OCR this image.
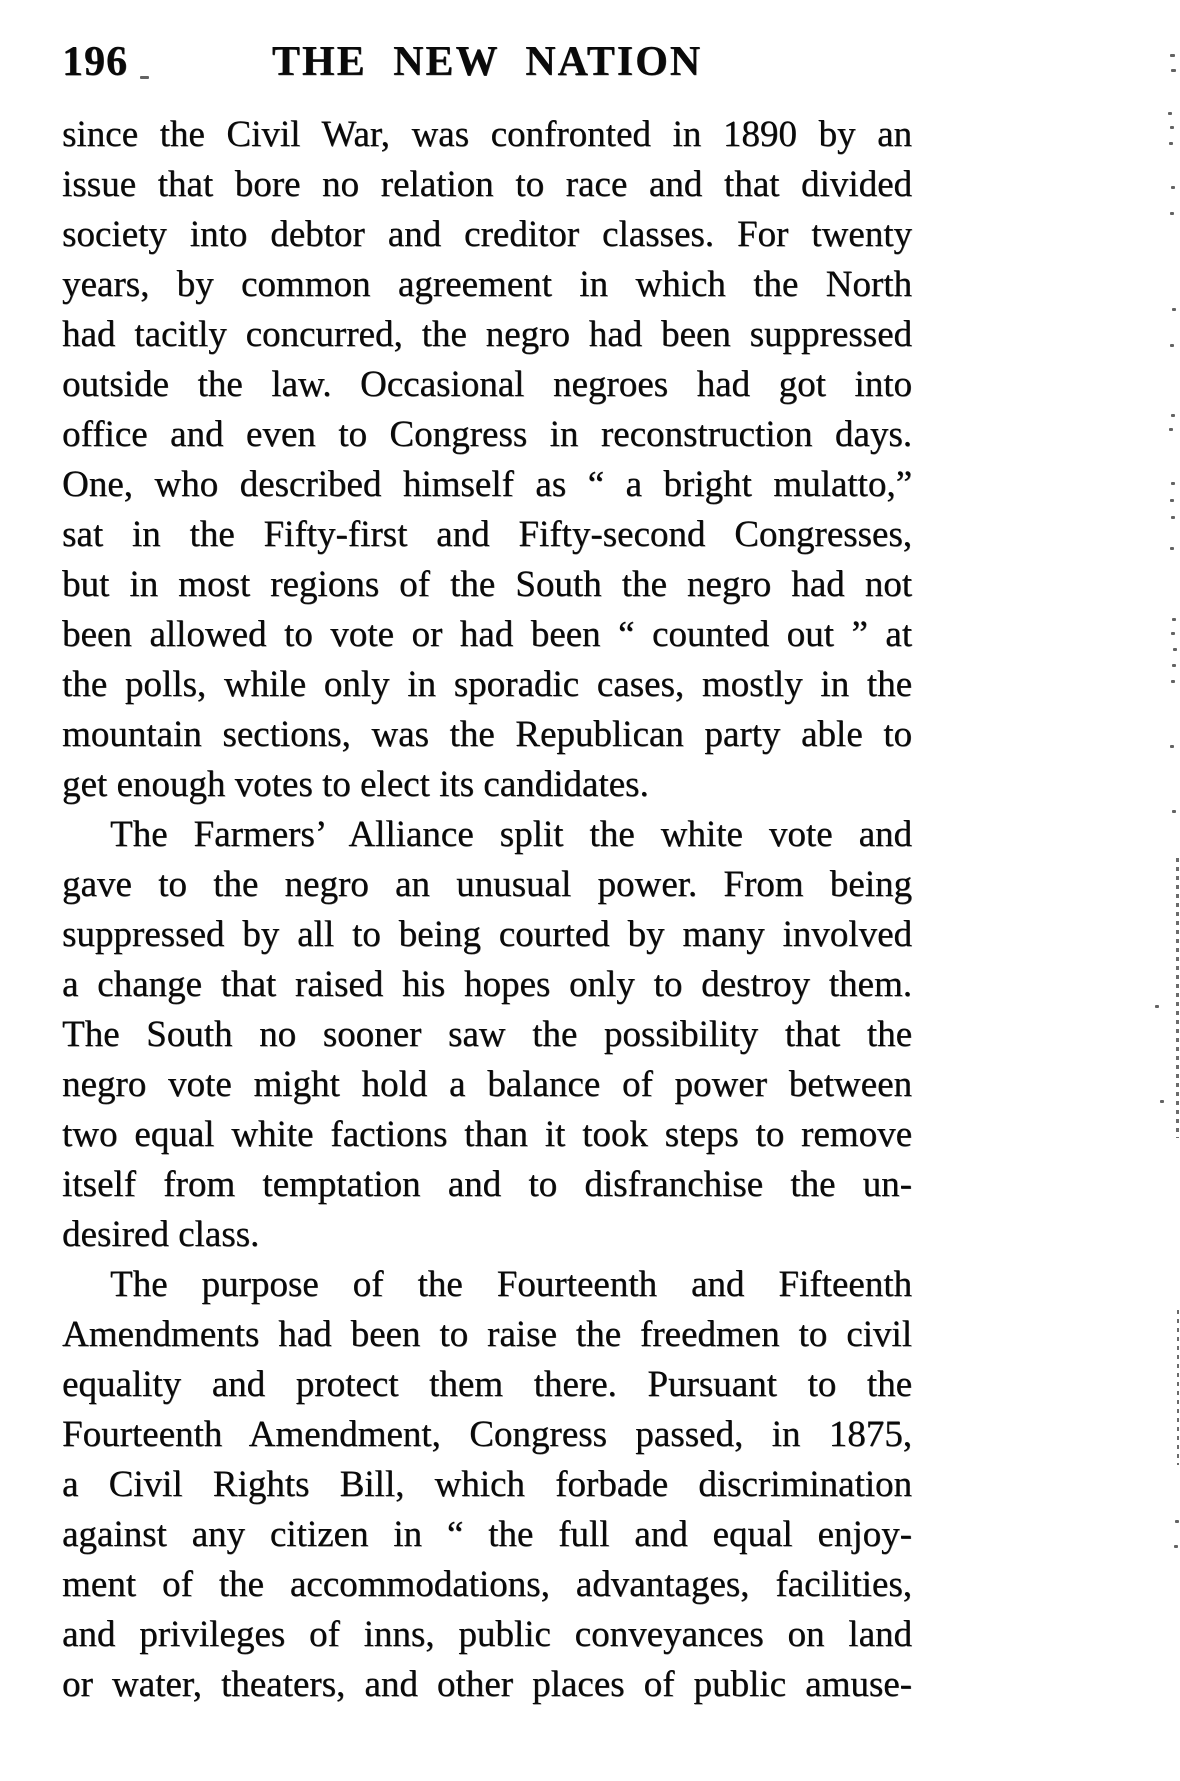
196	THE NEW NATION
since the Civil War, was confronted in 1890 by an
issue that bore no relation to race and that divided
society into debtor and creditor classes. For twenty
years, by common agreement in which the North
had tacitly concurred, the negro had been suppressed
outside the law. Occasional negroes had got into
office and even to Congress in reconstruction days.
One, who described himself as “ a bright mulatto,”
sat in the Fifty-first and Fifty-second Congresses,
but in most regions of the South the negro had not
been allowed to vote or had been “ counted out ” at
the polls, while only in sporadic cases, mostly in the
mountain sections, was the Republican party able to
get enough votes to elect its candidates.
The Farmers’ Alliance split the white vote and
gave to the negro an unusual power. From being
suppressed by all to being courted by many involved
a change that raised his hopes only to destroy them.
The South no sooner saw the possibility that the
negro vote might hold a balance of power between
two equal white factions than it took steps to remove
itself from temptation and to disfranchise the un-
desired class.
The purpose of the Fourteenth and Fifteenth
Amendments had been to raise the freedmen to civil
equality and protect them there. Pursuant to the
Fourteenth Amendment, Congress passed, in 1875,
a Civil Rights Bill, which forbade discrimination
against any citizen in “ the full and equal enjoy-
ment of the accommodations, advantages, facilities,
and privileges of inns, public conveyances on land
or water, theaters, and other places of public amuse-
